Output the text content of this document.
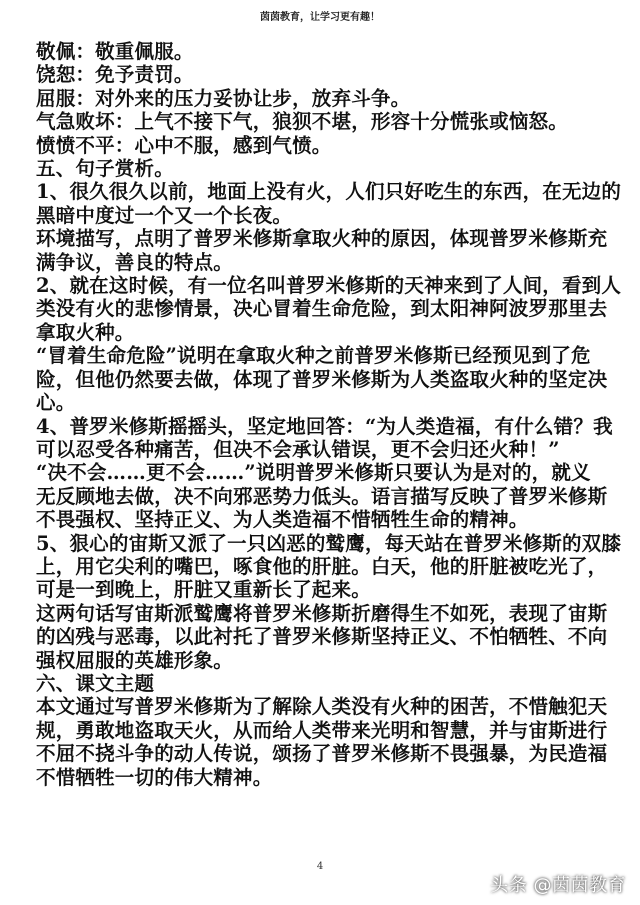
茵茵教育，让学习更有趣！

敬佩：敬重佩服。

饶恕：免予责罚。

屈服：对外来的压力妥协让步，放弃斗争。

气急败坏：上气不接下气，狼狈不堪，形容十分慌张或恼怒。

愤愤不平：心中不服，感到气愤。

五、句子赏析。

1、很久很久以前，地面上没有火，人们只好吃生的东西，在无边的

黑暗中度过一个又一个长夜。

环境描写，点明了普罗米修斯拿取火种的原因，体现普罗米修斯充

满争议，善良的特点。

2、就在这时候，有一位名叫普罗米修斯的天神来到了人间，看到人

类没有火的悲惨情景，决心冒着生命危险，到太阳神阿波罗那里去

拿取火种。

“冒着生命危险”说明在拿取火种之前普罗米修斯已经预见到了危

险，但他仍然要去做，体现了普罗米修斯为人类盗取火种的坚定决

心。

4、普罗米修斯摇摇头，坚定地回答：“为人类造福，有什么错？我

可以忍受各种痛苦，但决不会承认错误，更不会归还火种！”

“决不会……更不会……”说明普罗米修斯只要认为是对的，就义

无反顾地去做，决不向邪恶势力低头。语言描写反映了普罗米修斯

不畏强权、坚持正义、为人类造福不惜牺牲生命的精神。

5、狠心的宙斯又派了一只凶恶的鹫鹰，每天站在普罗米修斯的双膝

上，用它尖利的嘴巴，啄食他的肝脏。白天，他的肝脏被吃光了，

可是一到晚上，肝脏又重新长了起来。

这两句话写宙斯派鹫鹰将普罗米修斯折磨得生不如死，表现了宙斯

的凶残与恶毒，以此衬托了普罗米修斯坚持正义、不怕牺牲、不向

强权屈服的英雄形象。

六、课文主题

本文通过写普罗米修斯为了解除人类没有火种的困苦，不惜触犯天

规，勇敢地盗取天火，从而给人类带来光明和智慧，并与宙斯进行

不屈不挠斗争的动人传说，颂扬了普罗米修斯不畏强暴，为民造福

不惜牺牲一切的伟大精神。

4
头条 @茵茵教育
